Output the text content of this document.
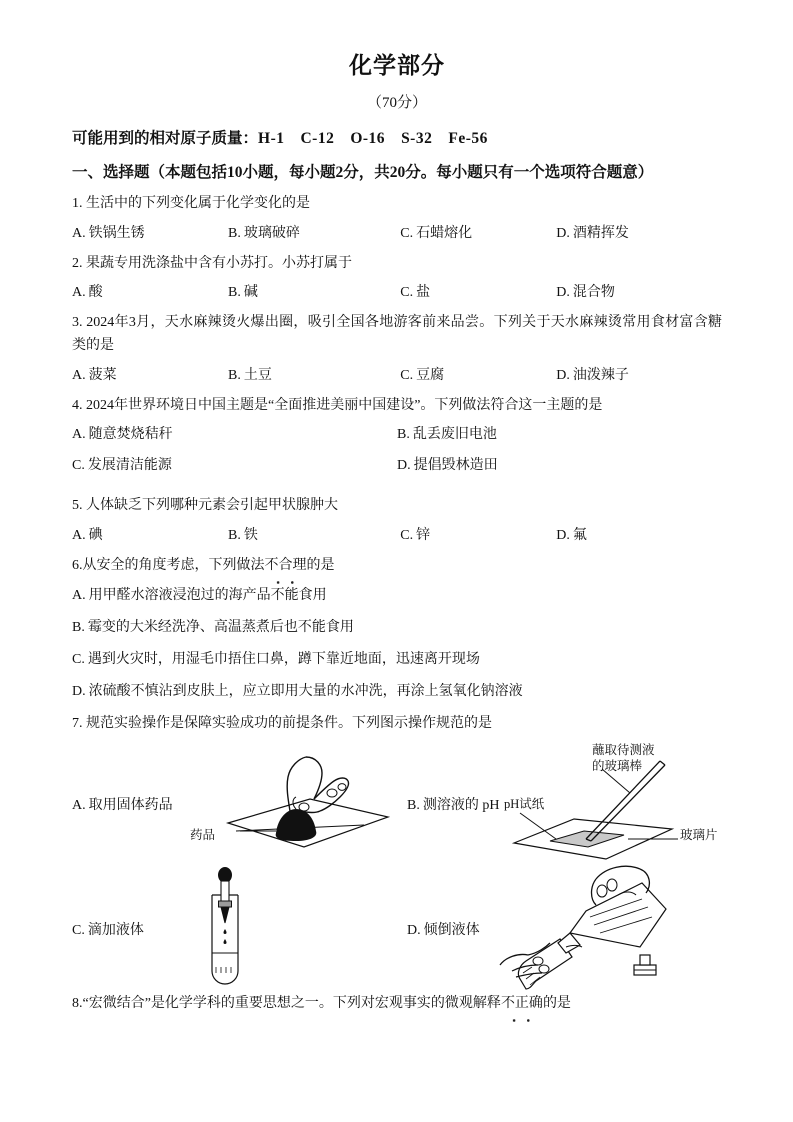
化学部分
（70分）
可能用到的相对原子质量：H-1 C-12 O-16 S-32 Fe-56
一、选择题（本题包括10小题，每小题2分，共20分。每小题只有一个选项符合题意）
1. 生活中的下列变化属于化学变化的是
A. 铁锅生锈	B. 玻璃破碎	C. 石蜡熔化	D. 酒精挥发
2. 果蔬专用洗涤盐中含有小苏打。小苏打属于
A. 酸	B. 碱	C. 盐	D. 混合物
3. 2024年3月，天水麻辣烫火爆出圈，吸引全国各地游客前来品尝。下列关于天水麻辣烫常用食材富含糖类的是
A. 菠菜	B. 土豆	C. 豆腐	D. 油泼辣子
4. 2024年世界环境日中国主题是“全面推进美丽中国建设”。下列做法符合这一主题的是
A. 随意焚烧秸秆	B. 乱丢废旧电池
C. 发展清洁能源	D. 提倡毁林造田
5. 人体缺乏下列哪种元素会引起甲状腺肿大
A. 碘	B. 铁	C. 锌	D. 氟
6.从安全的角度考虑，下列做法不合理的是
A. 用甲醛水溶液浸泡过的海产品不能食用
B. 霉变的大米经洗净、高温蒸煮后也不能食用
C. 遇到火灾时，用湿毛巾捂住口鼻，蹲下靠近地面，迅速离开现场
D. 浓硫酸不慎沾到皮肤上，应立即用大量的水冲洗，再涂上氢氧化钠溶液
7. 规范实验操作是保障实验成功的前提条件。下列图示操作规范的是
A. 取用固体药品
药品
B. 测溶液的 pH
蘸取待测液
的玻璃棒
pH试纸
玻璃片
C. 滴加液体	D. 倾倒液体
8.“宏微结合”是化学学科的重要思想之一。下列对宏观事实的微观解释不正确的是
